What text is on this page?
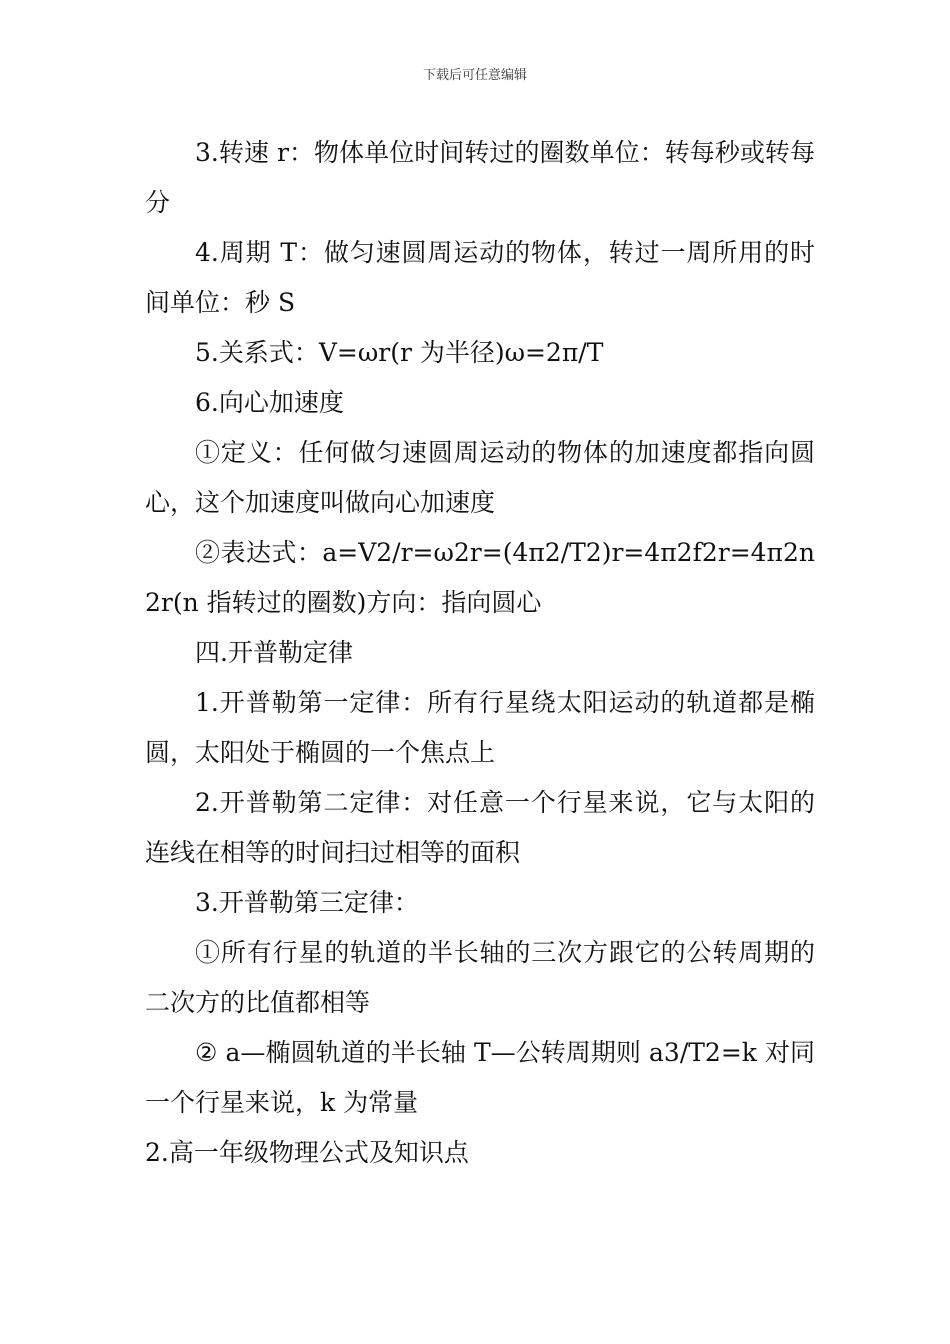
下载后可任意编辑

3.转速 r：物体单位时间转过的圈数单位：转每秒或转每分

4.周期 T：做匀速圆周运动的物体，转过一周所用的时间单位：秒 S

5.关系式：V=ωr(r 为半径)ω=2π/T

6.向心加速度

①定义：任何做匀速圆周运动的物体的加速度都指向圆心，这个加速度叫做向心加速度

②表达式：a=V2/r=ω2r=(4π2/T2)r=4π2f2r=4π2n2r(n 指转过的圈数)方向：指向圆心

四.开普勒定律

1.开普勒第一定律：所有行星绕太阳运动的轨道都是椭圆，太阳处于椭圆的一个焦点上

2.开普勒第二定律：对任意一个行星来说，它与太阳的连线在相等的时间扫过相等的面积

3.开普勒第三定律：

①所有行星的轨道的半长轴的三次方跟它的公转周期的二次方的比值都相等

② a—椭圆轨道的半长轴 T—公转周期则 a3/T2=k 对同一个行星来说，k 为常量

2.高一年级物理公式及知识点
